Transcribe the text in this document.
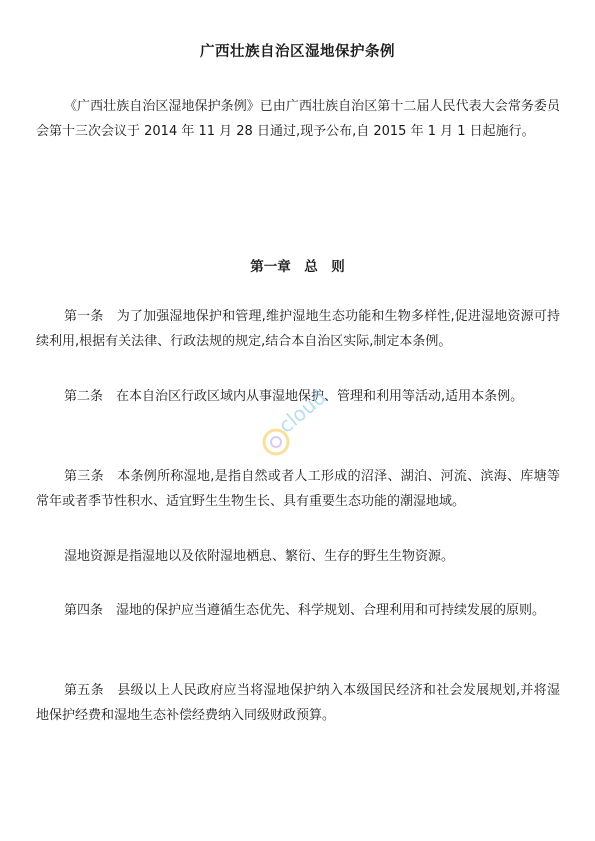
广西壮族自治区湿地保护条例

《广西壮族自治区湿地保护条例》已由广西壮族自治区第十二届人民代表大会常务委员会第十三次会议于 2014 年 11 月 28 日通过,现予公布,自 2015 年 1 月 1 日起施行。

第一章　总　则

第一条　 为了加强湿地保护和管理,维护湿地生态功能和生物多样性,促进湿地资源可持续利用,根据有关法律、行政法规的规定,结合本自治区实际,制定本条例。

第二条　 在本自治区行政区域内从事湿地保护、管理和利用等活动,适用本条例。

第三条　 本条例所称湿地,是指自然或者人工形成的沼泽、湖泊、河流、滨海、库塘等常年或者季节性积水、适宜野生生物生长、具有重要生态功能的潮湿地域。

湿地资源是指湿地以及依附湿地栖息、繁衍、生存的野生生物资源。

第四条　 湿地的保护应当遵循生态优先、科学规划、合理利用和可持续发展的原则。

第五条　 县级以上人民政府应当将湿地保护纳入本级国民经济和社会发展规划,并将湿地保护经费和湿地生态补偿经费纳入同级财政预算。

cloud
